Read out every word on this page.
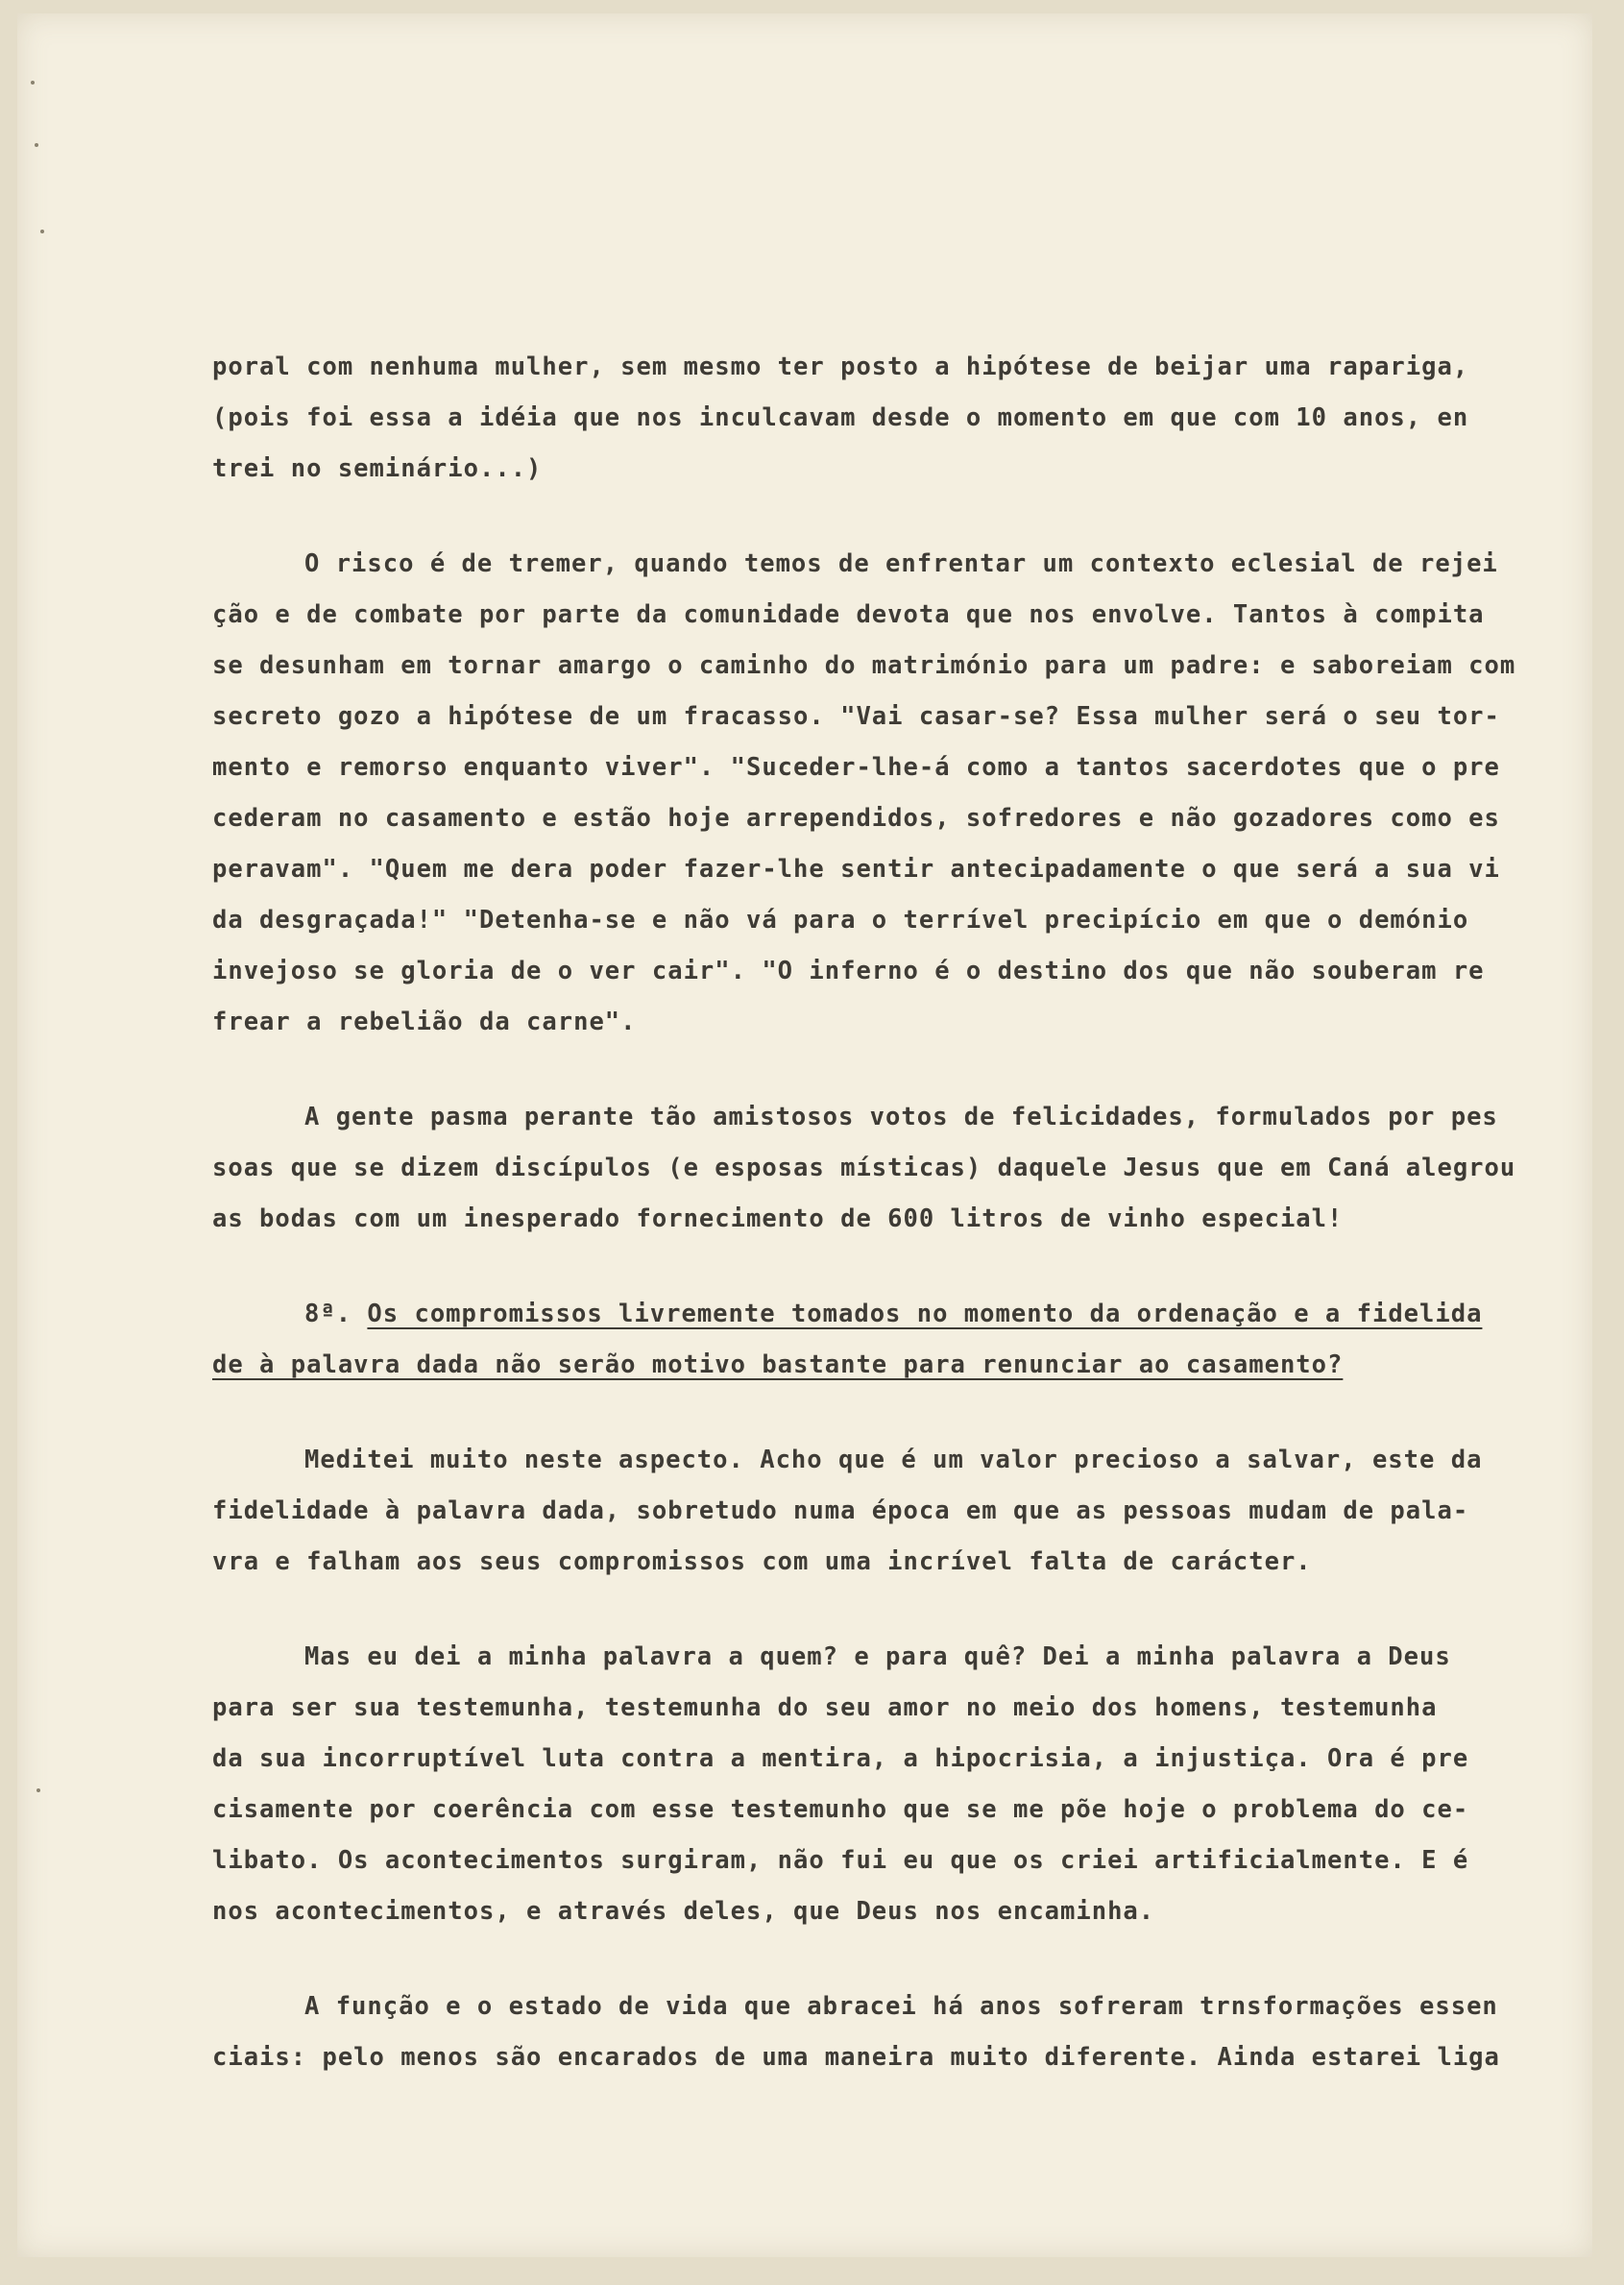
poral com nenhuma mulher, sem mesmo ter posto a hipótese de beijar uma rapariga,
(pois foi essa a idéia que nos inculcavam desde o momento em que com 10 anos, en
trei no seminário...)

O risco é de tremer, quando temos de enfrentar um contexto eclesial de rejei
ção e de combate por parte da comunidade devota que nos envolve. Tantos à compita
se desunham em tornar amargo o caminho do matrimónio para um padre: e saboreiam com
secreto gozo a hipótese de um fracasso. "Vai casar-se? Essa mulher será o seu tor-
mento e remorso enquanto viver". "Suceder-lhe-á como a tantos sacerdotes que o pre
cederam no casamento e estão hoje arrependidos, sofredores e não gozadores como es
peravam". "Quem me dera poder fazer-lhe sentir antecipadamente o que será a sua vi
da desgraçada!" "Detenha-se e não vá para o terrível precipício em que o demónio
invejoso se gloria de o ver cair". "O inferno é o destino dos que não souberam re
frear a rebelião da carne".

A gente pasma perante tão amistosos votos de felicidades, formulados por pes
soas que se dizem discípulos (e esposas místicas) daquele Jesus que em Caná alegrou
as bodas com um inesperado fornecimento de 600 litros de vinho especial!

8ª. Os compromissos livremente tomados no momento da ordenação e a fidelida
de à palavra dada não serão motivo bastante para renunciar ao casamento?

Meditei muito neste aspecto. Acho que é um valor precioso a salvar, este da
fidelidade à palavra dada, sobretudo numa época em que as pessoas mudam de pala-
vra e falham aos seus compromissos com uma incrível falta de carácter.

Mas eu dei a minha palavra a quem? e para quê? Dei a minha palavra a Deus
para ser sua testemunha, testemunha do seu amor no meio dos homens, testemunha
da sua incorruptível luta contra a mentira, a hipocrisia, a injustiça. Ora é pre
cisamente por coerência com esse testemunho que se me põe hoje o problema do ce-
libato. Os acontecimentos surgiram, não fui eu que os criei artificialmente. E é
nos acontecimentos, e através deles, que Deus nos encaminha.

A função e o estado de vida que abracei há anos sofreram trnsformações essen
ciais: pelo menos são encarados de uma maneira muito diferente. Ainda estarei liga
